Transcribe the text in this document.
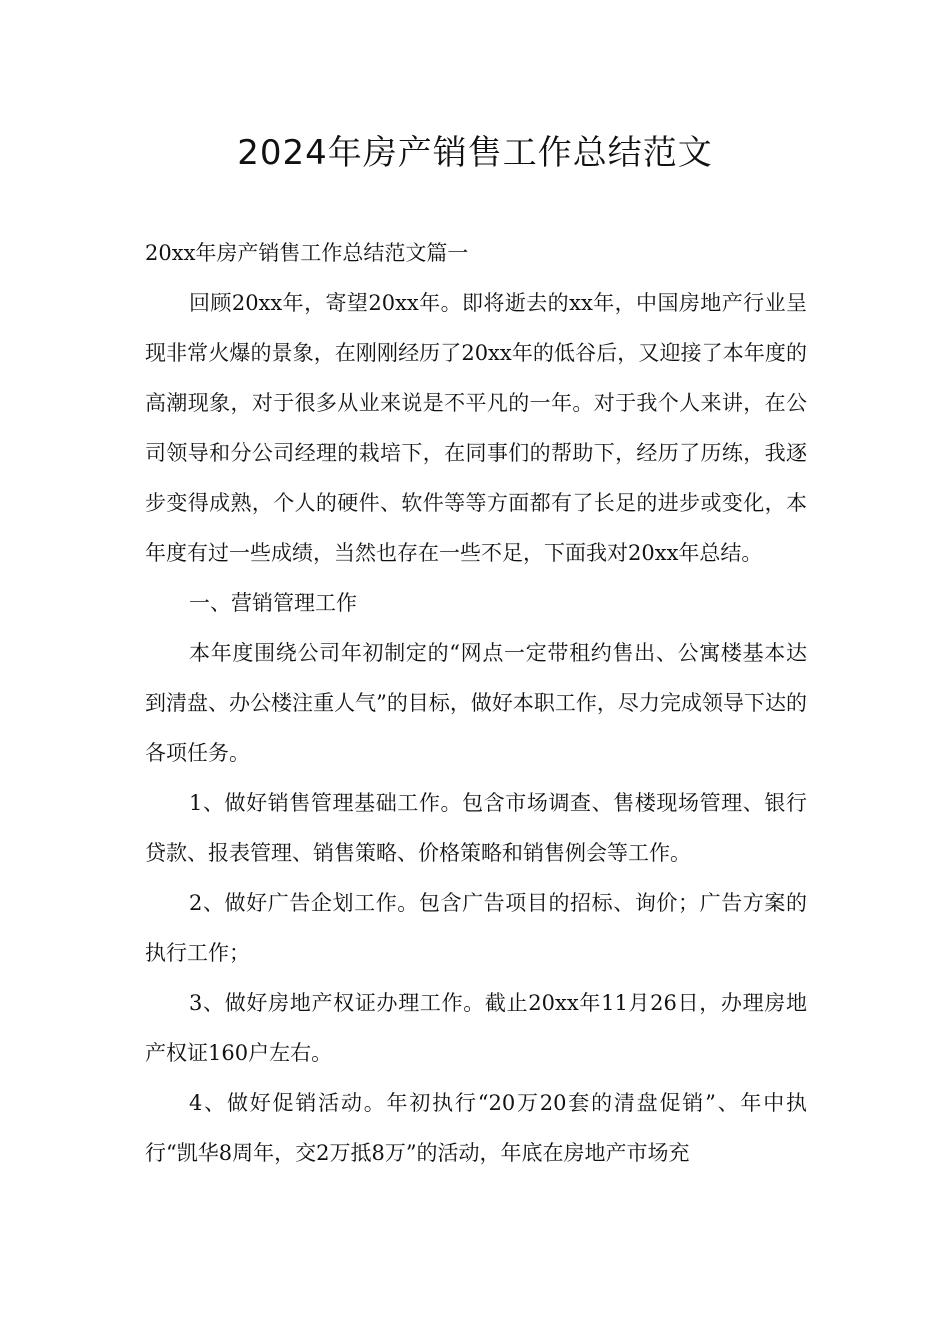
2024年房产销售工作总结范文

20xx年房产销售工作总结范文篇一

回顾20xx年，寄望20xx年。即将逝去的xx年，中国房地产行业呈现非常火爆的景象，在刚刚经历了20xx年的低谷后，又迎接了本年度的高潮现象，对于很多从业来说是不平凡的一年。对于我个人来讲，在公司领导和分公司经理的栽培下，在同事们的帮助下，经历了历练，我逐步变得成熟，个人的硬件、软件等等方面都有了长足的进步或变化，本年度有过一些成绩，当然也存在一些不足，下面我对20xx年总结。

一、营销管理工作

本年度围绕公司年初制定的“网点一定带租约售出、公寓楼基本达到清盘、办公楼注重人气”的目标，做好本职工作，尽力完成领导下达的各项任务。

1、做好销售管理基础工作。包含市场调查、售楼现场管理、银行贷款、报表管理、销售策略、价格策略和销售例会等工作。

2、做好广告企划工作。包含广告项目的招标、询价；广告方案的执行工作；

3、做好房地产权证办理工作。截止20xx年11月26日，办理房地产权证160户左右。

4、做好促销活动。年初执行“20万20套的清盘促销”、年中执行“凯华8周年，交2万抵8万”的活动，年底在房地产市场充
